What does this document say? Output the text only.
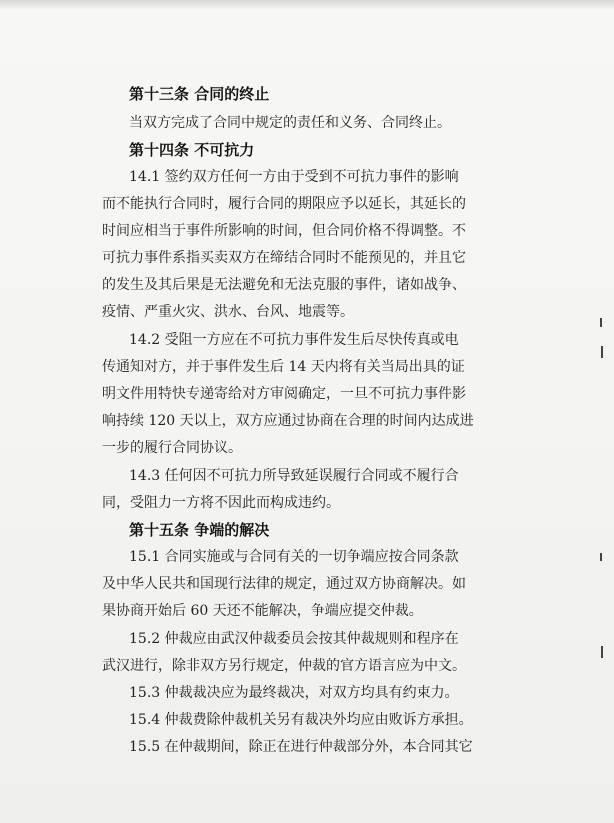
第十三条 合同的终止
当双方完成了合同中规定的责任和义务、合同终止。
第十四条 不可抗力
14.1 签约双方任何一方由于受到不可抗力事件的影响
而不能执行合同时，履行合同的期限应予以延长，其延长的
时间应相当于事件所影响的时间，但合同价格不得调整。不
可抗力事件系指买卖双方在缔结合同时不能预见的，并且它
的发生及其后果是无法避免和无法克服的事件，诸如战争、
疫情、严重火灾、洪水、台风、地震等。
14.2 受阻一方应在不可抗力事件发生后尽快传真或电
传通知对方，并于事件发生后 14 天内将有关当局出具的证
明文件用特快专递寄给对方审阅确定，一旦不可抗力事件影
响持续 120 天以上，双方应通过协商在合理的时间内达成进
一步的履行合同协议。
14.3 任何因不可抗力所导致延误履行合同或不履行合
同，受阻力一方将不因此而构成违约。
第十五条 争端的解决
15.1 合同实施或与合同有关的一切争端应按合同条款
及中华人民共和国现行法律的规定，通过双方协商解决。如
果协商开始后 60 天还不能解决，争端应提交仲裁。
15.2 仲裁应由武汉仲裁委员会按其仲裁规则和程序在
武汉进行，除非双方另行规定，仲裁的官方语言应为中文。
15.3 仲裁裁决应为最终裁决，对双方均具有约束力。
15.4 仲裁费除仲裁机关另有裁决外均应由败诉方承担。
15.5 在仲裁期间，除正在进行仲裁部分外，本合同其它
